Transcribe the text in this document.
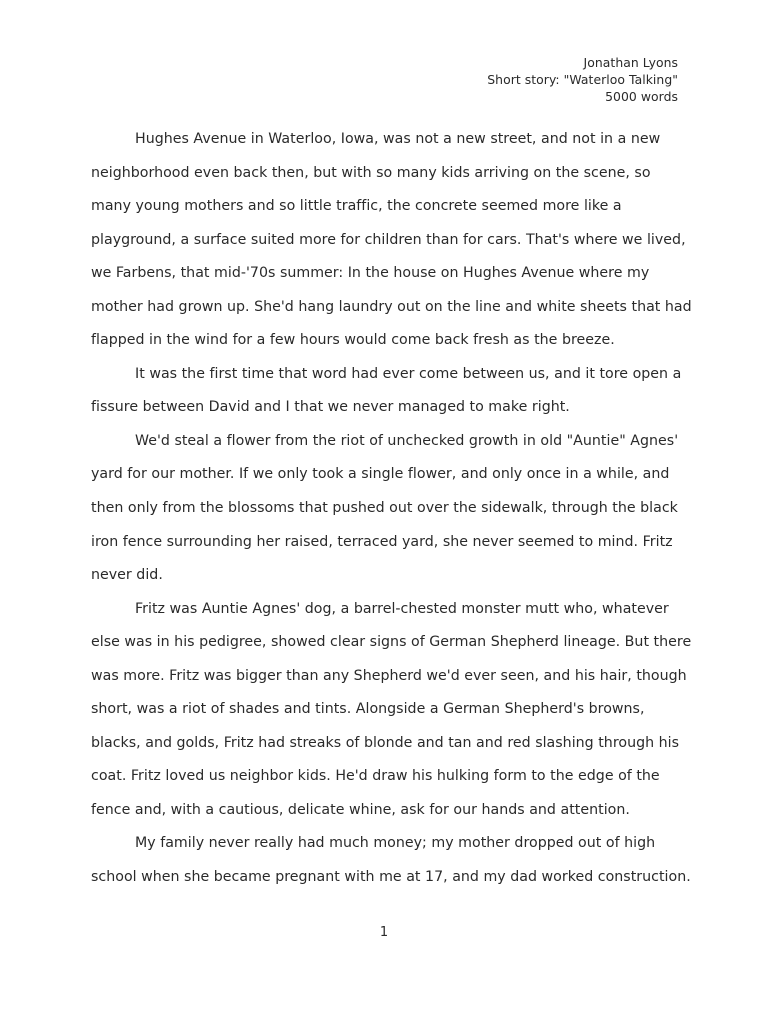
Jonathan Lyons
Short story: "Waterloo Talking"
5000 words
Hughes Avenue in Waterloo, Iowa, was not a new street, and not in a new
neighborhood even back then, but with so many kids arriving on the scene, so
many young mothers and so little traffic, the concrete seemed more like a
playground, a surface suited more for children than for cars. That's where we lived,
we Farbens, that mid-'70s summer: In the house on Hughes Avenue where my
mother had grown up. She'd hang laundry out on the line and white sheets that had
flapped in the wind for a few hours would come back fresh as the breeze.
It was the first time that word had ever come between us, and it tore open a
fissure between David and I that we never managed to make right.
We'd steal a flower from the riot of unchecked growth in old "Auntie" Agnes'
yard for our mother. If we only took a single flower, and only once in a while, and
then only from the blossoms that pushed out over the sidewalk, through the black
iron fence surrounding her raised, terraced yard, she never seemed to mind. Fritz
never did.
Fritz was Auntie Agnes' dog, a barrel-chested monster mutt who, whatever
else was in his pedigree, showed clear signs of German Shepherd lineage. But there
was more. Fritz was bigger than any Shepherd we'd ever seen, and his hair, though
short, was a riot of shades and tints. Alongside a German Shepherd's browns,
blacks, and golds, Fritz had streaks of blonde and tan and red slashing through his
coat. Fritz loved us neighbor kids. He'd draw his hulking form to the edge of the
fence and, with a cautious, delicate whine, ask for our hands and attention.
My family never really had much money; my mother dropped out of high
school when she became pregnant with me at 17, and my dad worked construction.
1
